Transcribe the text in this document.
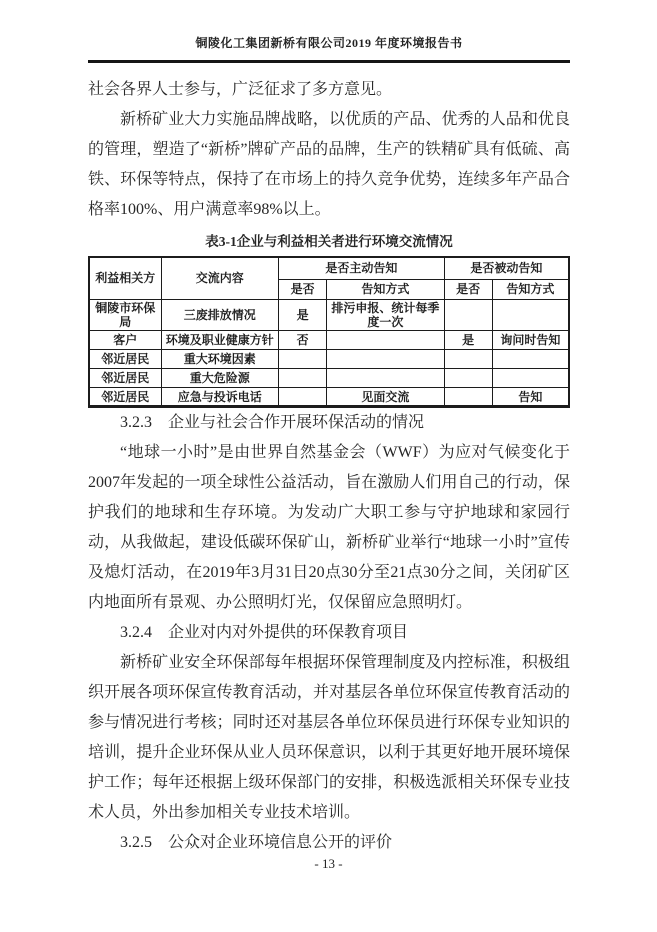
铜陵化工集团新桥有限公司2019 年度环境报告书

社会各界人士参与，广泛征求了多方意见。

新桥矿业大力实施品牌战略，以优质的产品、优秀的人品和优良的管理，塑造了“新桥”牌矿产品的品牌，生产的铁精矿具有低硫、高铁、环保等特点，保持了在市场上的持久竞争优势，连续多年产品合格率100%、用户满意率98%以上。

表3-1企业与利益相关者进行环境交流情况
利益相关方	交流内容	是否主动告知		是否被动告知	
		是否	告知方式	是否	告知方式
铜陵市环保局	三废排放情况	是	排污申报、统计每季度一次		
客户	环境及职业健康方针	否		是	询问时告知
邻近居民	重大环境因素				
邻近居民	重大危险源				
邻近居民	应急与投诉电话		见面交流		告知

3.2.3 企业与社会合作开展环保活动的情况

“地球一小时”是由世界自然基金会（WWF）为应对气候变化于2007年发起的一项全球性公益活动，旨在激励人们用自己的行动，保护我们的地球和生存环境。为发动广大职工参与守护地球和家园行动，从我做起，建设低碳环保矿山，新桥矿业举行“地球一小时”宣传及熄灯活动，在2019年3月31日20点30分至21点30分之间，关闭矿区内地面所有景观、办公照明灯光，仅保留应急照明灯。

3.2.4 企业对内对外提供的环保教育项目

新桥矿业安全环保部每年根据环保管理制度及内控标准，积极组织开展各项环保宣传教育活动，并对基层各单位环保宣传教育活动的参与情况进行考核；同时还对基层各单位环保员进行环保专业知识的培训，提升企业环保从业人员环保意识，以利于其更好地开展环境保护工作；每年还根据上级环保部门的安排，积极选派相关环保专业技术人员，外出参加相关专业技术培训。

3.2.5 公众对企业环境信息公开的评价

- 13 -
